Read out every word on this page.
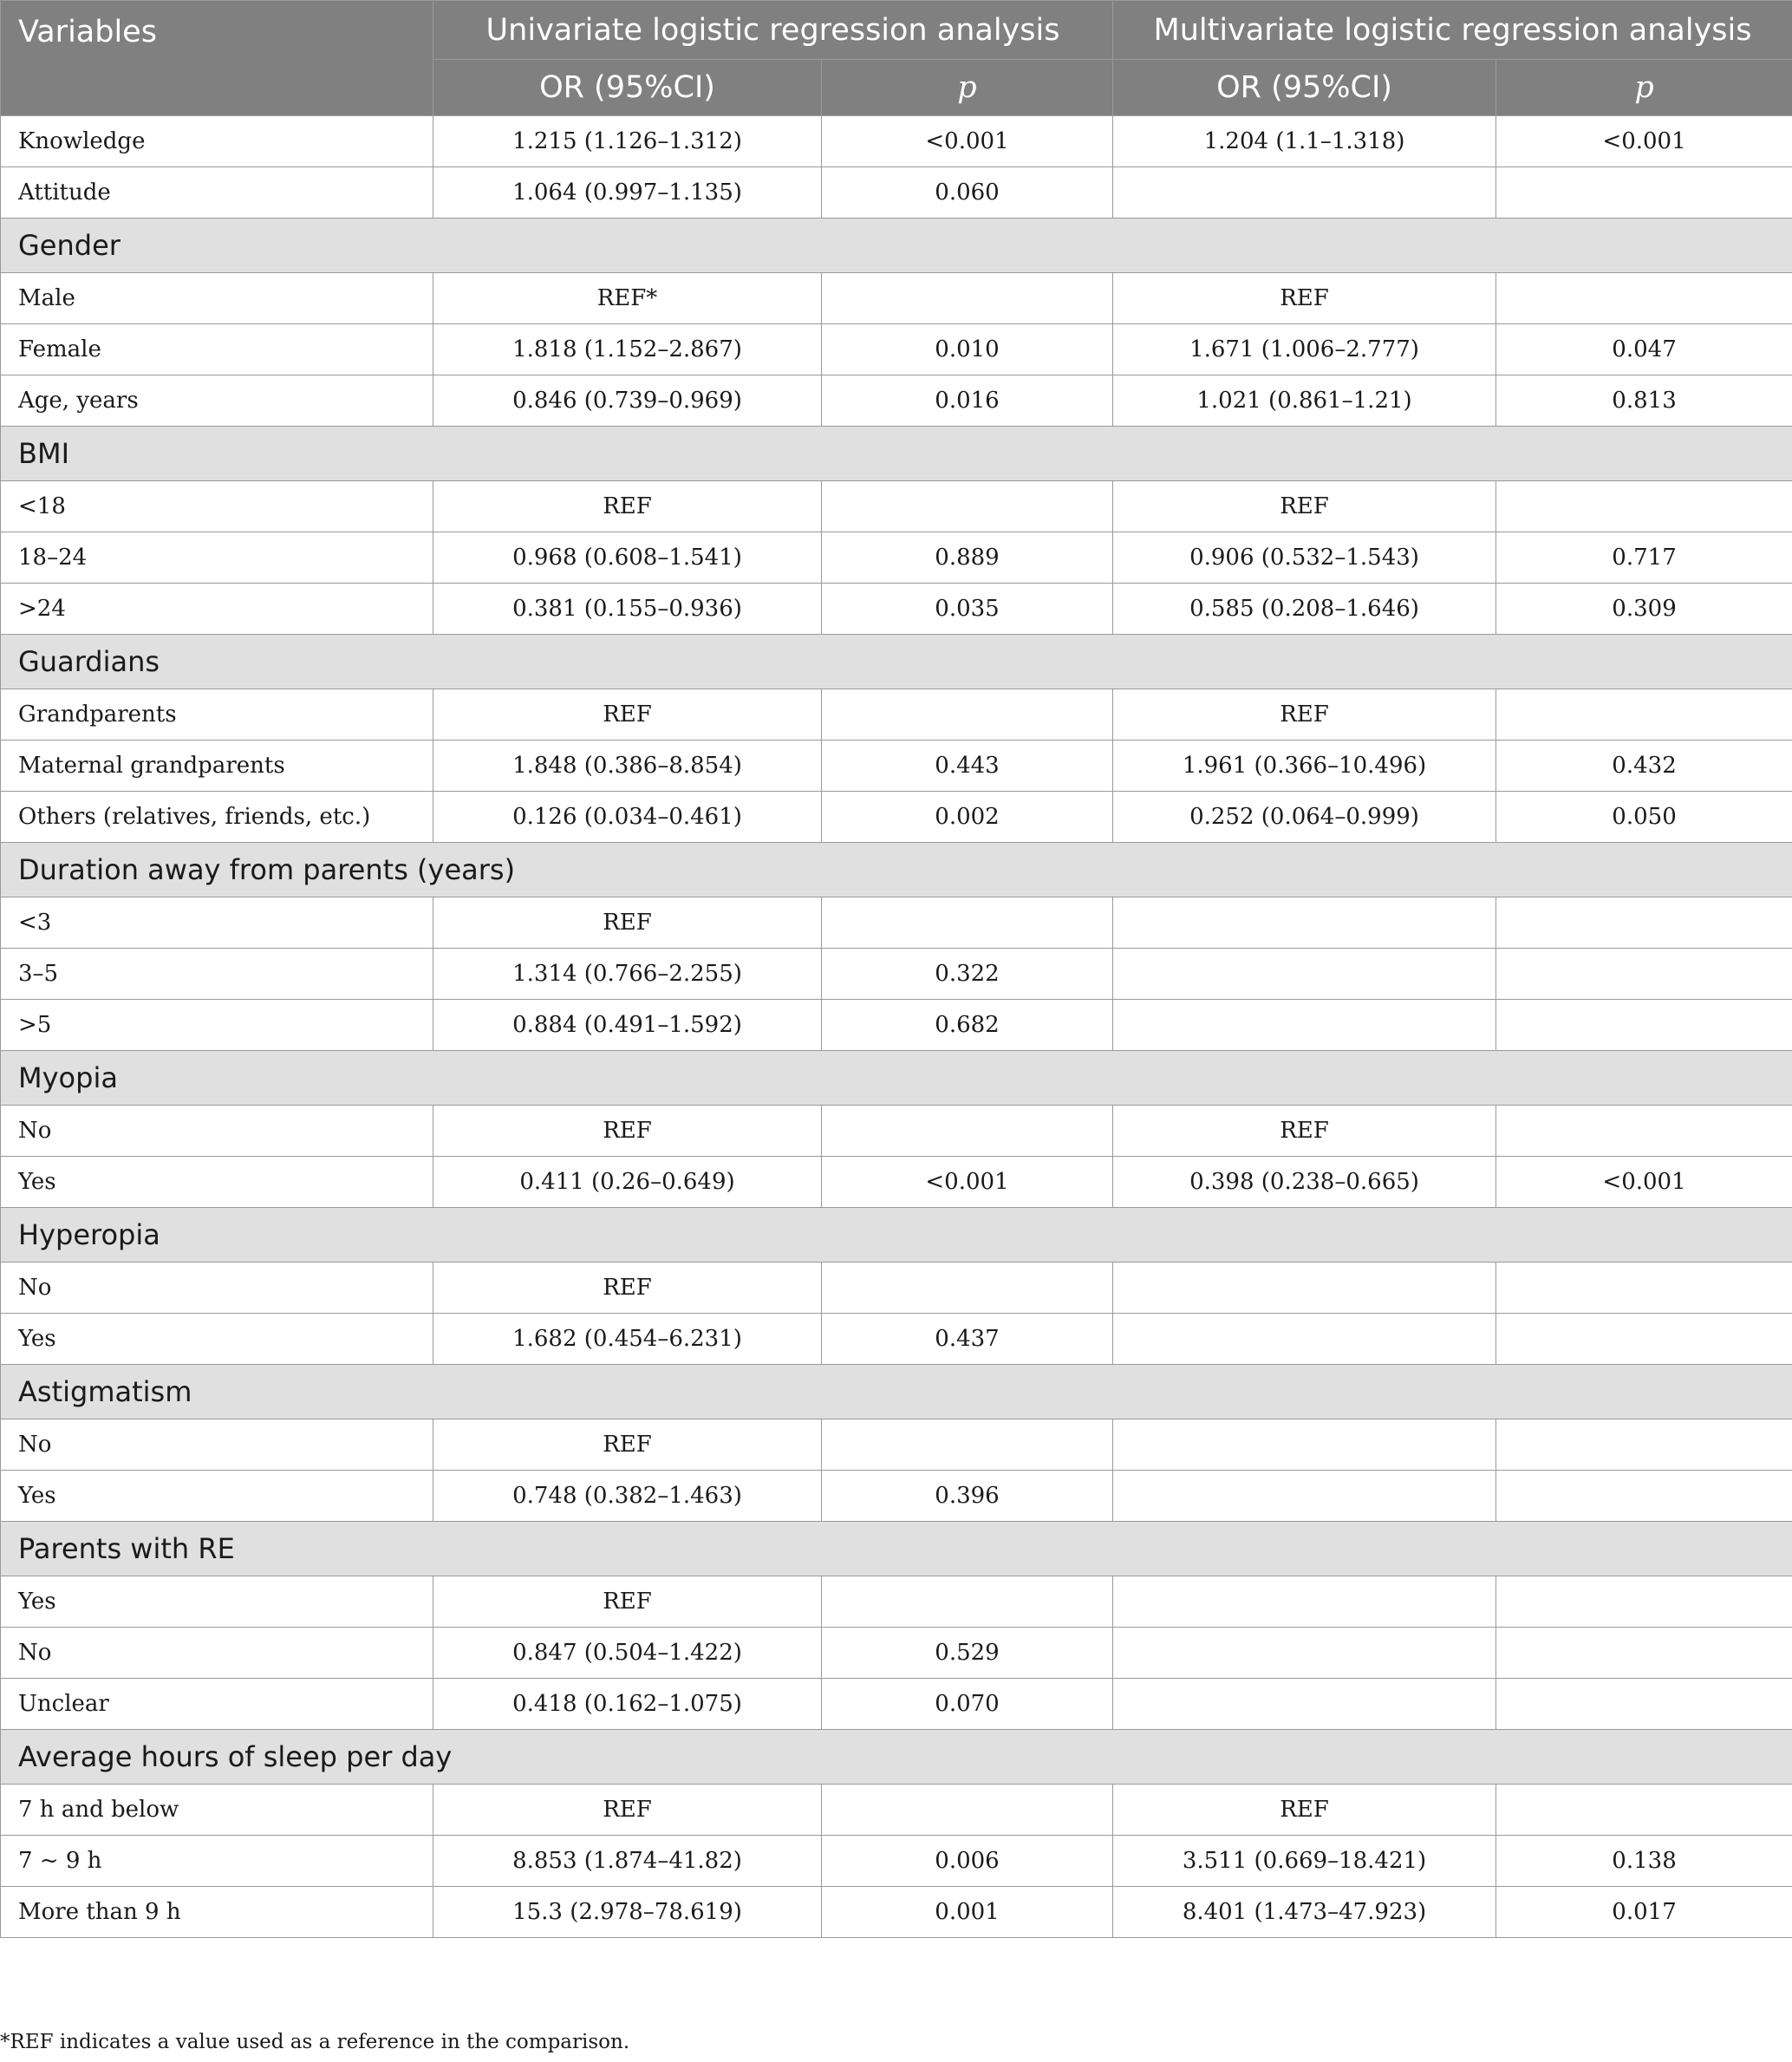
Variables	Univariate logistic regression analysis		Multivariate logistic regression analysis	
	OR (95%CI)	p	OR (95%CI)	p
Knowledge	1.215 (1.126–1.312)	<0.001	1.204 (1.1–1.318)	<0.001
Attitude	1.064 (0.997–1.135)	0.060		
Gender				
Male	REF*		REF	
Female	1.818 (1.152–2.867)	0.010	1.671 (1.006–2.777)	0.047
Age, years	0.846 (0.739–0.969)	0.016	1.021 (0.861–1.21)	0.813
BMI				
<18	REF		REF	
18–24	0.968 (0.608–1.541)	0.889	0.906 (0.532–1.543)	0.717
>24	0.381 (0.155–0.936)	0.035	0.585 (0.208–1.646)	0.309
Guardians				
Grandparents	REF		REF	
Maternal grandparents	1.848 (0.386–8.854)	0.443	1.961 (0.366–10.496)	0.432
Others (relatives, friends, etc.)	0.126 (0.034–0.461)	0.002	0.252 (0.064–0.999)	0.050
Duration away from parents (years)				
<3	REF			
3–5	1.314 (0.766–2.255)	0.322		
>5	0.884 (0.491–1.592)	0.682		
Myopia				
No	REF		REF	
Yes	0.411 (0.26–0.649)	<0.001	0.398 (0.238–0.665)	<0.001
Hyperopia				
No	REF			
Yes	1.682 (0.454–6.231)	0.437		
Astigmatism				
No	REF			
Yes	0.748 (0.382–1.463)	0.396		
Parents with RE				
Yes	REF			
No	0.847 (0.504–1.422)	0.529		
Unclear	0.418 (0.162–1.075)	0.070		
Average hours of sleep per day				
7 h and below	REF		REF	
7 ~ 9 h	8.853 (1.874–41.82)	0.006	3.511 (0.669–18.421)	0.138
More than 9 h	15.3 (2.978–78.619)	0.001	8.401 (1.473–47.923)	0.017
*REF indicates a value used as a reference in the comparison.
